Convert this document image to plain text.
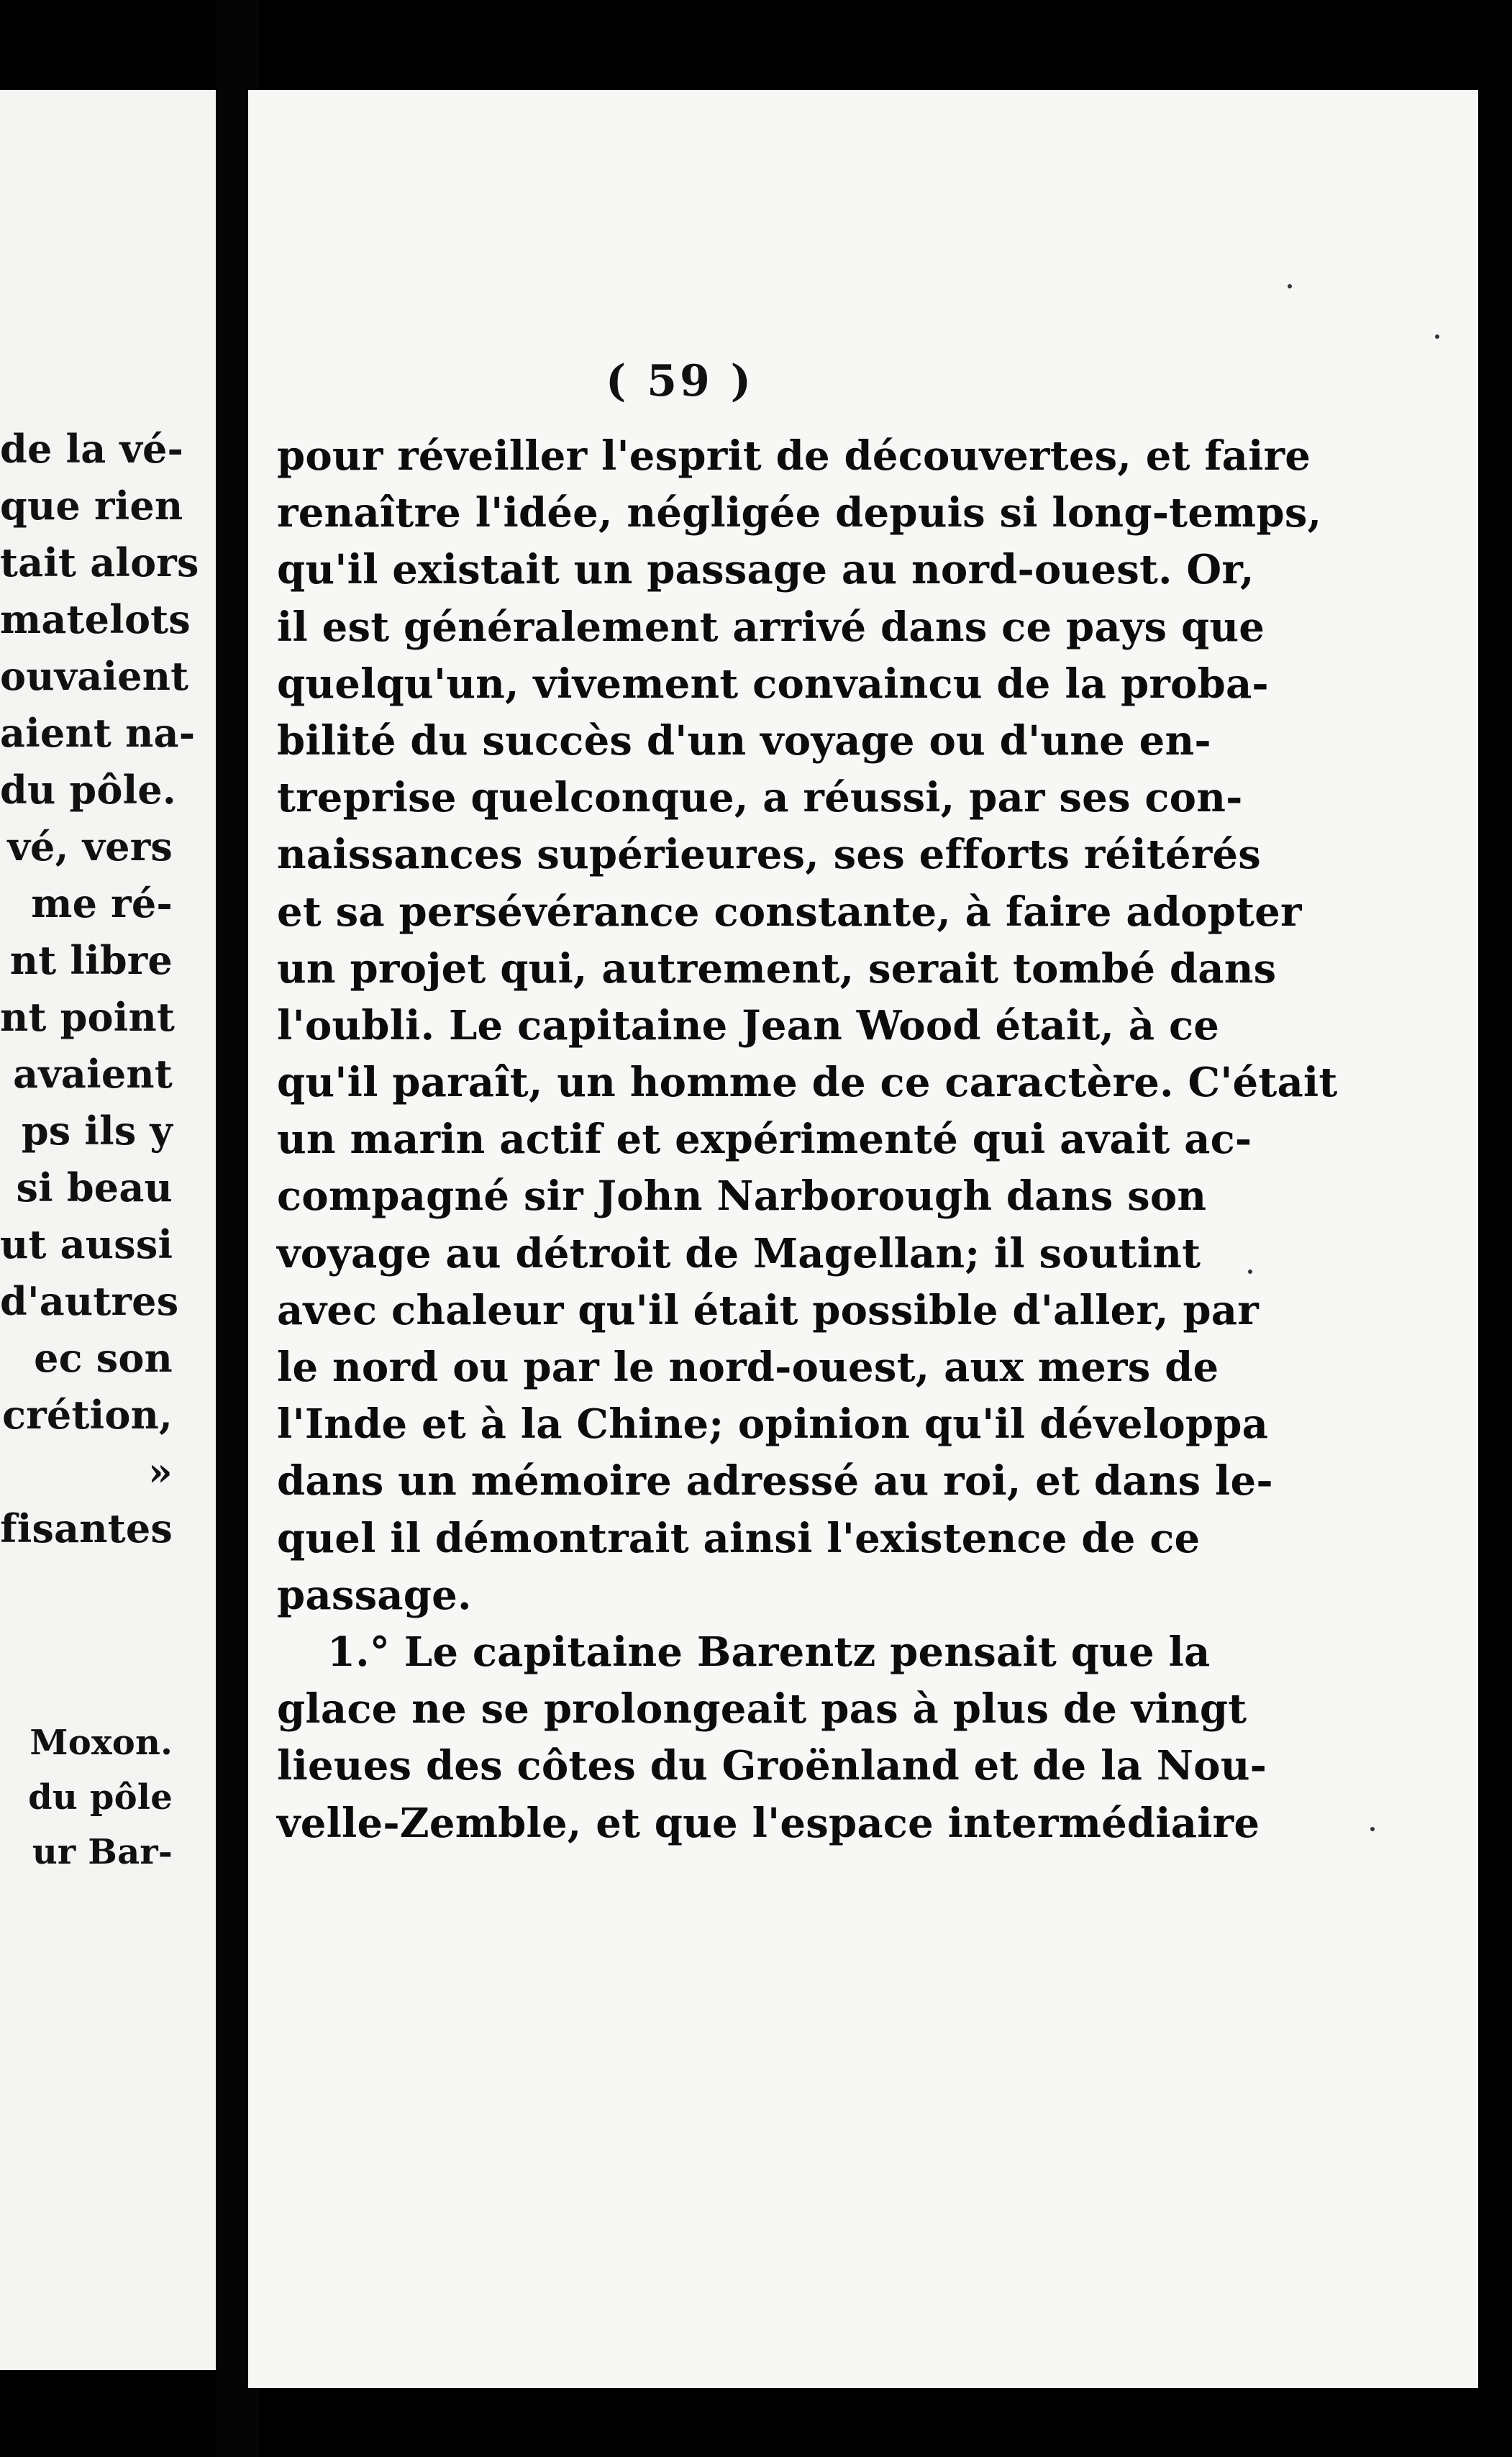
de la vé-
que rien
tait alors
matelots
ouvaient
aient na-
du pôle.
vé, vers
me ré-
nt libre
nt point
avaient
ps ils y
si beau
ut aussi
d'autres
ec son
crétion,
»
fisantes
Moxon.
du pôle
ur Bar-
( 59 )
pour réveiller l'esprit de découvertes, et faire
renaître l'idée, négligée depuis si long-temps,
qu'il existait un passage au nord-ouest. Or,
il est généralement arrivé dans ce pays que
quelqu'un, vivement convaincu de la proba-
bilité du succès d'un voyage ou d'une en-
treprise quelconque, a réussi, par ses con-
naissances supérieures, ses efforts réitérés
et sa persévérance constante, à faire adopter
un projet qui, autrement, serait tombé dans
l'oubli. Le capitaine Jean Wood était, à ce
qu'il paraît, un homme de ce caractère. C'était
un marin actif et expérimenté qui avait ac-
compagné sir John Narborough dans son
voyage au détroit de Magellan; il soutint
avec chaleur qu'il était possible d'aller, par
le nord ou par le nord-ouest, aux mers de
l'Inde et à la Chine; opinion qu'il développa
dans un mémoire adressé au roi, et dans le-
quel il démontrait ainsi l'existence de ce
passage.
1.° Le capitaine Barentz pensait que la
glace ne se prolongeait pas à plus de vingt
lieues des côtes du Groënland et de la Nou-
velle-Zemble, et que l'espace intermédiaire
